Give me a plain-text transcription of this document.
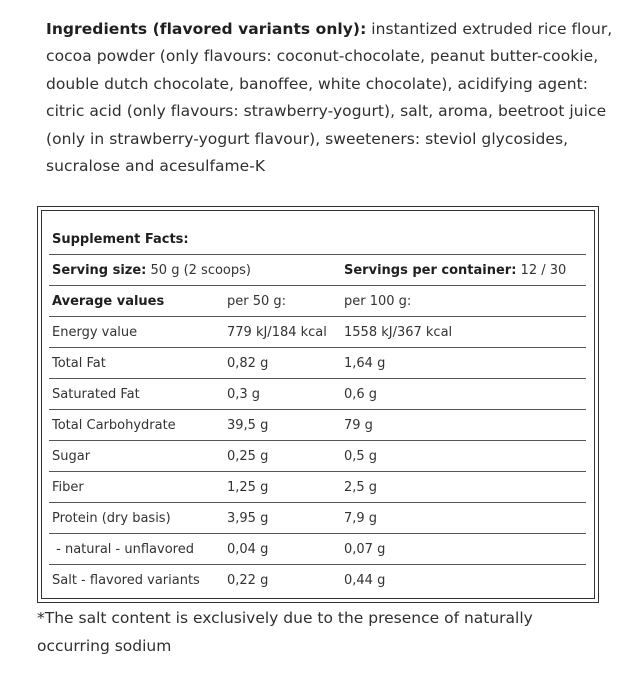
Ingredients (flavored variants only): instantized extruded rice flour, cocoa powder (only flavours: coconut-chocolate, peanut butter-cookie, double dutch chocolate, banoffee, white chocolate), acidifying agent: citric acid (only flavours: strawberry-yogurt), salt, aroma, beetroot juice (only in strawberry-yogurt flavour), sweeteners: steviol glycosides, sucralose and acesulfame-K
Supplement Facts:		
Serving size: 50 g (2 scoops)		Servings per container: 12 / 30
Average values	per 50 g:	per 100 g:
Energy value	779 kJ/184 kcal	1558 kJ/367 kcal
Total Fat	0,82 g	1,64 g
Saturated Fat	0,3 g	0,6 g
Total Carbohydrate	39,5 g	79 g
Sugar	0,25 g	0,5 g
Fiber	1,25 g	2,5 g
Protein (dry basis)	3,95 g	7,9 g
- natural - unflavored	0,04 g	0,07 g
Salt - flavored variants	0,22 g	0,44 g
*The salt content is exclusively due to the presence of naturally occurring sodium
